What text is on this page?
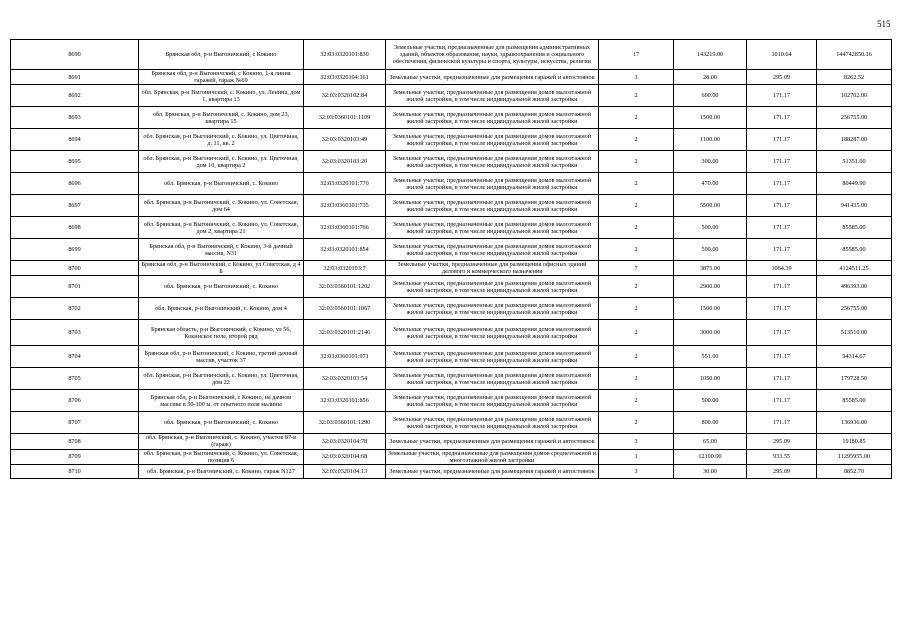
515
8690	Брянская обл, р-н Выгоничский, с Кокино	32:03:0320101:830	Земельные участки, предназначенные для размещения административных зданий, объектов образования, науки, здравоохранения и социального обеспечения, физической культуры и спорта, культуры, искусства, религии	17	143219.00	1010.64	144742850.16
8691	Брянская обл, р-н Выгоничский, с Кокино, 1-я линия гаражей, гараж №69	32:03:0320104:161	Земельные участки, предназначенные для размещения гаражей и автостоянок	3	28.00	295.09	8262.52
8692	обл. Брянская, р-н Выгоничский, с. Кокино, ул. Ленина, дом 1, квартира 13	32:03:0320102:84	Земельные участки, предназначенные для размещения домов малоэтажной жилой застройки, в том числе индивидуальной жилой застройки	2	600.00	171.17	102702.00
8693	обл. Брянская, р-н Выгоничский, с. Кокино, дом 23, квартира 15	32:03:0360101:1109	Земельные участки, предназначенные для размещения домов малоэтажной жилой застройки, в том числе индивидуальной жилой застройки	2	1500.00	171.17	256755.00
8694	обл. Брянская, р-н Выгоничский, с. Кокино, ул. Цветочная, д. 11, кв. 2	32:03:0320103:49	Земельные участки, предназначенные для размещения домов малоэтажной жилой застройки, в том числе индивидуальной жилой застройки	2	1100.00	171.17	188287.00
8695	обл. Брянская, р-н Выгоничский, с. Кокино, ул. Цветочная, дом 10, квартира 2	32:03:0320103:20	Земельные участки, предназначенные для размещения домов малоэтажной жилой застройки, в том числе индивидуальной жилой застройки	2	300.00	171.17	51351.00
8696	обл. Брянская, р-н Выгоничский, с. Кокино	32:03:0320101:770	Земельные участки, предназначенные для размещения домов малоэтажной жилой застройки, в том числе индивидуальной жилой застройки	2	470.00	171.17	80449.90
8697	обл. Брянская, р-н Выгоничский, с. Кокино, ул. Советская, дом 64	32:03:0360101:735	Земельные участки, предназначенные для размещения домов малоэтажной жилой застройки, в том числе индивидуальной жилой застройки	2	5500.00	171.17	941435.00
8698	обл. Брянская, р-н Выгоничский, с. Кокино, ул. Советская, дом 2, квартира 21	32:03:0360101:766	Земельные участки, предназначенные для размещения домов малоэтажной жилой застройки, в том числе индивидуальной жилой застройки	2	500.00	171.17	85585.00
8699	Брянская обл, р-н Выгоничский, с Кокино, 3-й дачный массив, N31	32:03:0320101:854	Земельные участки, предназначенные для размещения домов малоэтажной жилой застройки, в том числе индивидуальной жилой застройки	2	500.00	171.17	85585.00
8700	Брянская обл, р-н Выгоничский, с Кокино, ул Советская, д 4 Б	32:03:0320103:7	Земельные участки, предназначенные для размещения офисных зданий делового и коммерческого назначения	7	3875.00	1064.39	4124511.25
8701	обл. Брянская, р-н Выгоничский, с. Кокино	32:03:0360101:1202	Земельные участки, предназначенные для размещения домов малоэтажной жилой застройки, в том числе индивидуальной жилой застройки	2	2900.00	171.17	496393.00
8702	обл. Брянская, р-н Выгоничский, с. Кокино, дом 4	32:03:0360101:1067	Земельные участки, предназначенные для размещения домов малоэтажной жилой застройки, в том числе индивидуальной жилой застройки	2	1500.00	171.17	256755.00
8703	Брянская область, р-н Выгоничский, с Кокино, ул 56, Кокинское поле, второй ряд	32:03:0320101:2146	Земельные участки, предназначенные для размещения домов малоэтажной жилой застройки, в том числе индивидуальной жилой застройки	2	3000.00	171.17	513510.00
8704	Брянская обл, р-н Выгоничский, с Кокино, третий дачный массив, участок 37	32:03:0360101:971	Земельные участки, предназначенные для размещения домов малоэтажной жилой застройки, в том числе индивидуальной жилой застройки	2	551.00	171.17	94314.67
8705	обл. Брянская, р-н Выгоничский, с. Кокино, ул. Цветочная, дом 22	32:03:0320103:54	Земельные участки, предназначенные для размещения домов малоэтажной жилой застройки, в том числе индивидуальной жилой застройки	2	1050.00	171.17	179728.50
8706	Брянская обл, р-н Выгоничский, с Кокино, на дачном массиве в 50-100 м. от опытного поля малины	32:03:0320101:856	Земельные участки, предназначенные для размещения домов малоэтажной жилой застройки, в том числе индивидуальной жилой застройки	2	500.00	171.17	85585.00
8707	обл. Брянская, р-н Выгоничский, с. Кокино	32:03:0360101:1290	Земельные участки, предназначенные для размещения домов малоэтажной жилой застройки, в том числе индивидуальной жилой застройки	2	800.00	171.17	136936.00
8708	обл. Брянская, р-н Выгоничский, с. Кокино, участок 87-в (гараж)	32:03:0320104:78	Земельные участки, предназначенные для размещения гаражей и автостоянок	3	65.00	295.09	19180.85
8709	обл. Брянская, р-н Выгоничский, с. Кокино, ул. Советская, позиция 6	32:03:0320104:68	Земельные участки, предназначенные для размещения домов среднеэтажной и многоэтажной жилой застройки	1	12100.00	933.55	11295955.00
8710	обл. Брянская, р-н Выгоничский, с. Кокино, гараж N127	32:03:0320104:13	Земельные участки, предназначенные для размещения гаражей и автостоянок	3	30.00	295.09	8852.70
